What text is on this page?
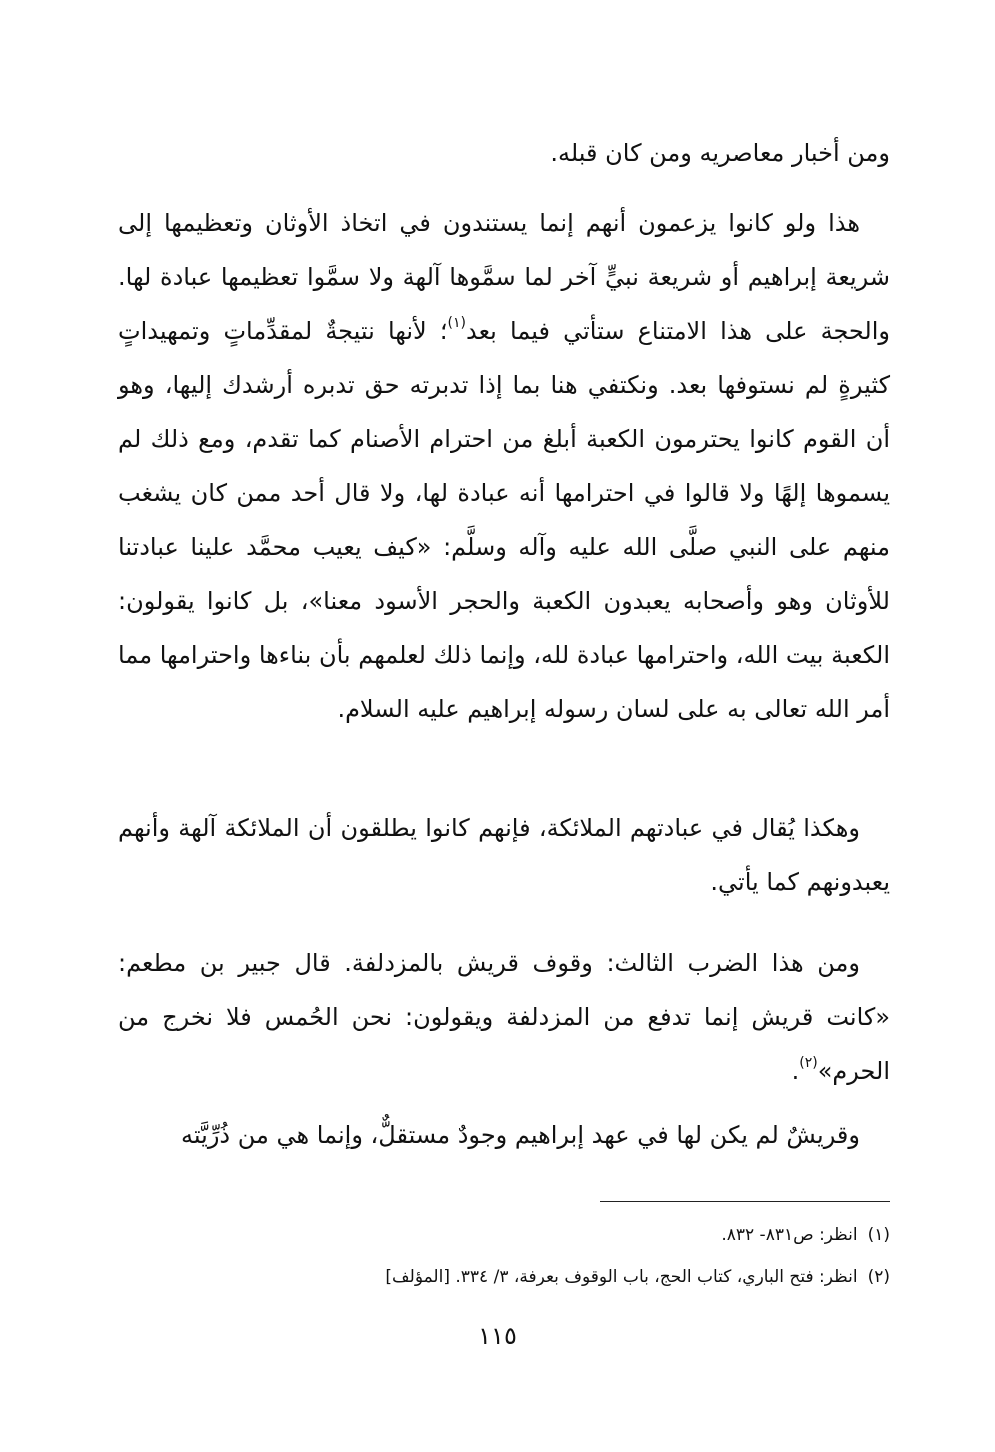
ومن أخبار معاصريه ومن كان قبله.

هذا ولو كانوا يزعمون أنهم إنما يستندون في اتخاذ الأوثان وتعظيمها إلى شريعة إبراهيم أو شريعة نبيٍّ آخر لما سمَّوها آلهة ولا سمَّوا تعظيمها عبادة لها. والحجة على هذا الامتناع ستأتي فيما بعد$^{(١)}$؛ لأنها نتيجةٌ لمقدِّماتٍ وتمهيداتٍ كثيرةٍ لم نستوفها بعد. ونكتفي هنا بما إذا تدبرته حق تدبره أرشدك إليها، وهو أن القوم كانوا يحترمون الكعبة أبلغ من احترام الأصنام كما تقدم، ومع ذلك لم يسموها إلهًا ولا قالوا في احترامها أنه عبادة لها، ولا قال أحد ممن كان يشغب منهم على النبي صلَّى الله عليه وآله وسلَّم: «كيف يعيب محمَّد علينا عبادتنا للأوثان وهو وأصحابه يعبدون الكعبة والحجر الأسود معنا»، بل كانوا يقولون: الكعبة بيت الله، واحترامها عبادة لله، وإنما ذلك لعلمهم بأن بناءها واحترامها مما أمر الله تعالى به على لسان رسوله إبراهيم عليه السلام.

وهكذا يُقال في عبادتهم الملائكة، فإنهم كانوا يطلقون أن الملائكة آلهة وأنهم يعبدونهم كما يأتي.

ومن هذا الضرب الثالث: وقوف قريش بالمزدلفة. قال جبير بن مطعم: «كانت قريش إنما تدفع من المزدلفة ويقولون: نحن الحُمس فلا نخرج من الحرم»$^{(٢)}$.

وقريشٌ لم يكن لها في عهد إبراهيم وجودٌ مستقلٌّ، وإنما هي من ذُرِّيَّته

(١)انظر: ص٨٣١- ٨٣٢.

(٢)انظر: فتح الباري، كتاب الحج، باب الوقوف بعرفة، ٣/ ٣٣٤. [المؤلف]

١١٥
